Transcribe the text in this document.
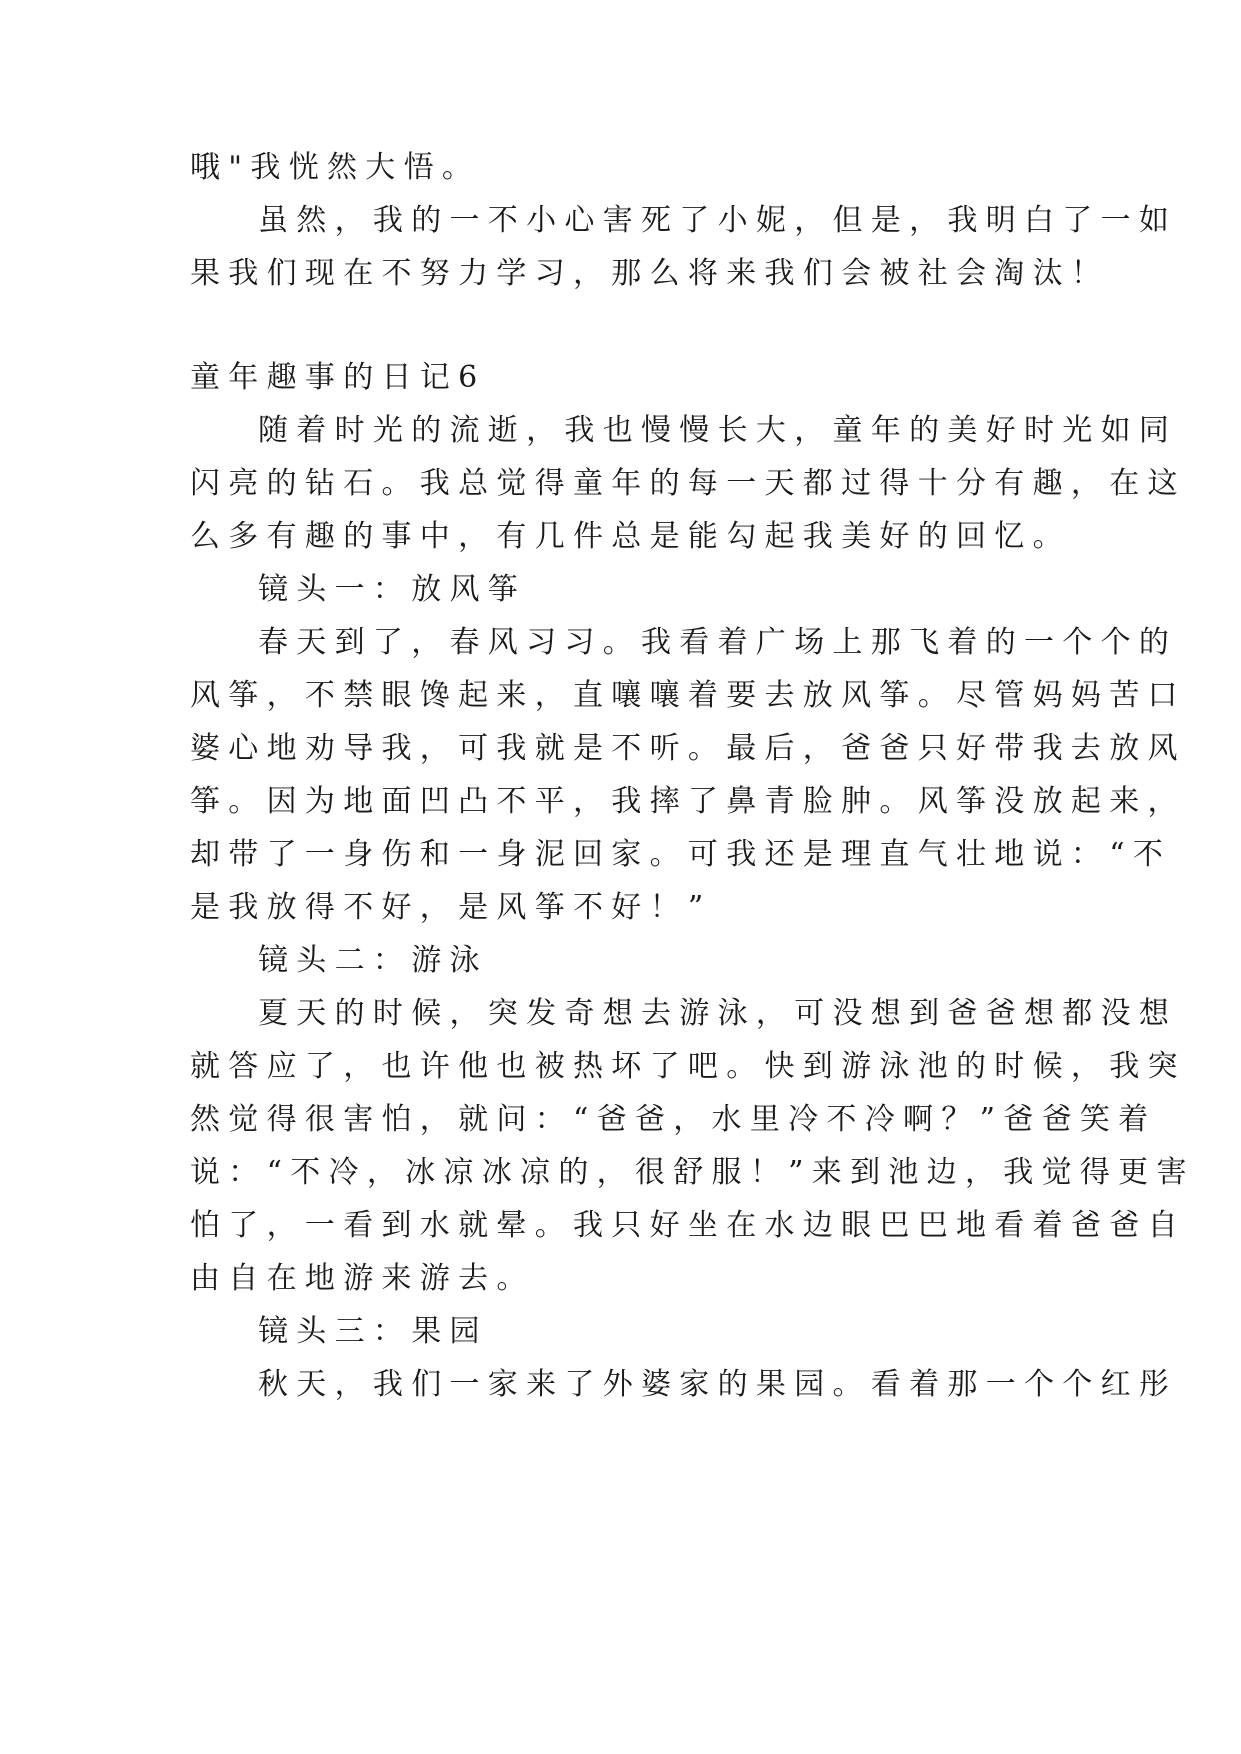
哦"我恍然大悟。
虽然，我的一不小心害死了小妮，但是，我明白了一如
果我们现在不努力学习，那么将来我们会被社会淘汰！
童年趣事的日记6
随着时光的流逝，我也慢慢长大，童年的美好时光如同
闪亮的钻石。我总觉得童年的每一天都过得十分有趣，在这
么多有趣的事中，有几件总是能勾起我美好的回忆。
镜头一：放风筝
春天到了，春风习习。我看着广场上那飞着的一个个的
风筝，不禁眼馋起来，直嚷嚷着要去放风筝。尽管妈妈苦口
婆心地劝导我，可我就是不听。最后，爸爸只好带我去放风
筝。因为地面凹凸不平，我摔了鼻青脸肿。风筝没放起来，
却带了一身伤和一身泥回家。可我还是理直气壮地说：“不
是我放得不好，是风筝不好！”
镜头二：游泳
夏天的时候，突发奇想去游泳，可没想到爸爸想都没想
就答应了，也许他也被热坏了吧。快到游泳池的时候，我突
然觉得很害怕，就问：“爸爸，水里冷不冷啊？”爸爸笑着
说：“不冷，冰凉冰凉的，很舒服！”来到池边，我觉得更害
怕了，一看到水就晕。我只好坐在水边眼巴巴地看着爸爸自
由自在地游来游去。
镜头三：果园
秋天，我们一家来了外婆家的果园。看着那一个个红彤
